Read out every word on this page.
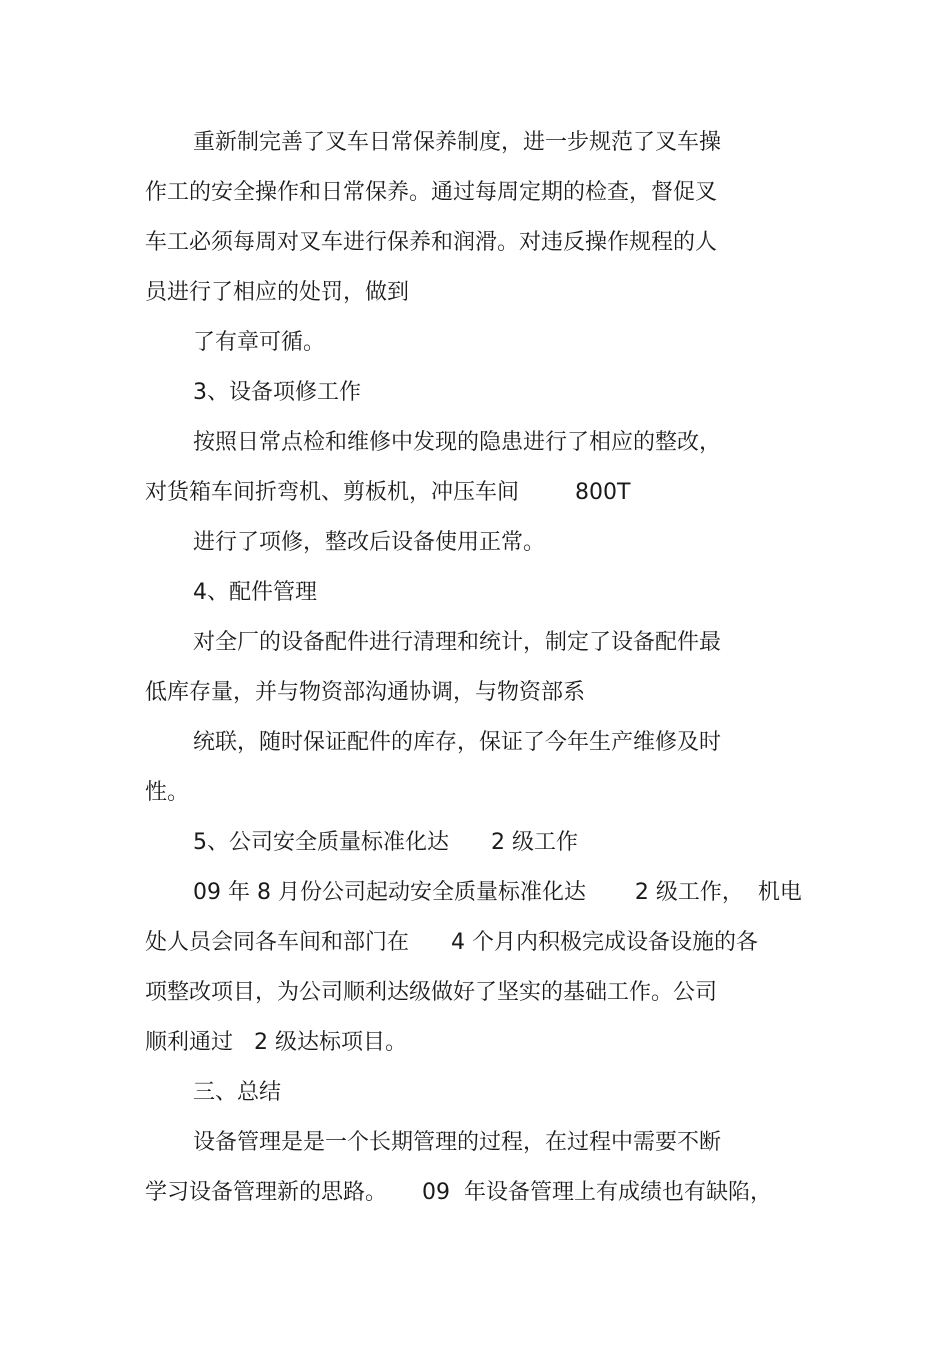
重新制完善了叉车日常保养制度，进一步规范了叉车操
作工的安全操作和日常保养。通过每周定期的检查，督促叉
车工必须每周对叉车进行保养和润滑。对违反操作规程的人
员进行了相应的处罚，做到
了有章可循。
3、设备项修工作
按照日常点检和维修中发现的隐患进行了相应的整改，
对货箱车间折弯机、剪板机，冲压车间        800T
进行了项修，整改后设备使用正常。
4、配件管理
对全厂的设备配件进行清理和统计，制定了设备配件最
低库存量，并与物资部沟通协调，与物资部系
统联，随时保证配件的库存，保证了今年生产维修及时
性。
5、公司安全质量标准化达      2 级工作
09 年 8 月份公司起动安全质量标准化达       2 级工作，  机电
处人员会同各车间和部门在      4 个月内积极完成设备设施的各
项整改项目，为公司顺利达级做好了坚实的基础工作。公司
顺利通过   2 级达标项目。
三、总结
设备管理是是一个长期管理的过程，在过程中需要不断
学习设备管理新的思路。     09  年设备管理上有成绩也有缺陷，
